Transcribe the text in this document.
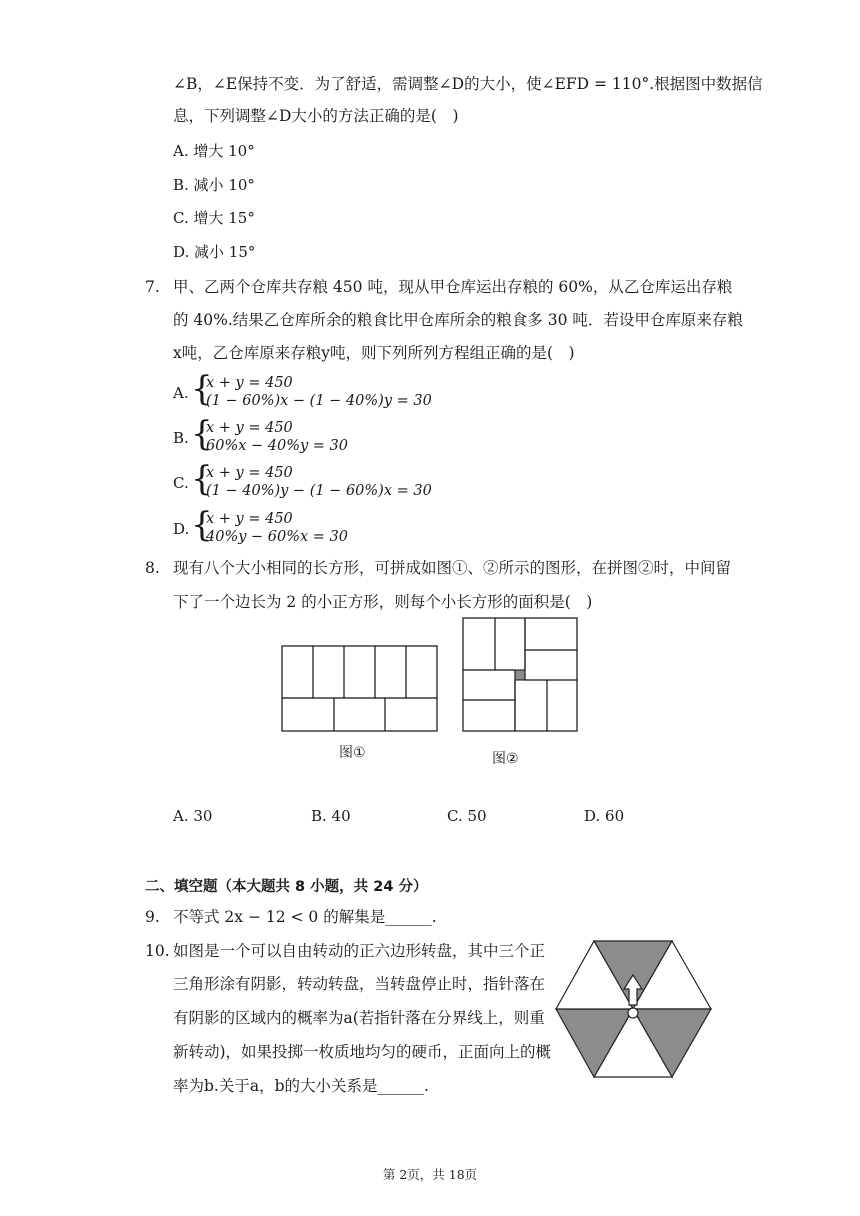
∠B，∠E保持不变．为了舒适，需调整∠D的大小，使∠EFD = 110°.根据图中数据信
息，下列调整∠D大小的方法正确的是(　)
A. 增大 10°
B. 减小 10°
C. 增大 15°
D. 减小 15°
7. 甲、乙两个仓库共存粮 450 吨，现从甲仓库运出存粮的 60%，从乙仓库运出存粮
的 40%.结果乙仓库所余的粮食比甲仓库所余的粮食多 30 吨．若设甲仓库原来存粮
x吨，乙仓库原来存粮y吨，则下列所列方程组正确的是(　)
A. {
x + y = 450
(1 − 60%)x − (1 − 40%)y = 30
B. {
x + y = 450
60%x − 40%y = 30
C. {
x + y = 450
(1 − 40%)y − (1 − 60%)x = 30
D. {
x + y = 450
40%y − 60%x = 30
8. 现有八个大小相同的长方形，可拼成如图①、②所示的图形，在拼图②时，中间留
下了一个边长为 2 的小正方形，则每个小长方形的面积是(　)
图①	图②
A. 30	B. 40	C. 50	D. 60
二、填空题（本大题共 8 小题，共 24 分）
9. 不等式 2x − 12 < 0 的解集是______.
10. 如图是一个可以自由转动的正六边形转盘，其中三个正
三角形涂有阴影，转动转盘，当转盘停止时，指针落在
有阴影的区域内的概率为a(若指针落在分界线上，则重
新转动)，如果投掷一枚质地均匀的硬币，正面向上的概
率为b.关于a，b的大小关系是______.
第 2页，共 18页
